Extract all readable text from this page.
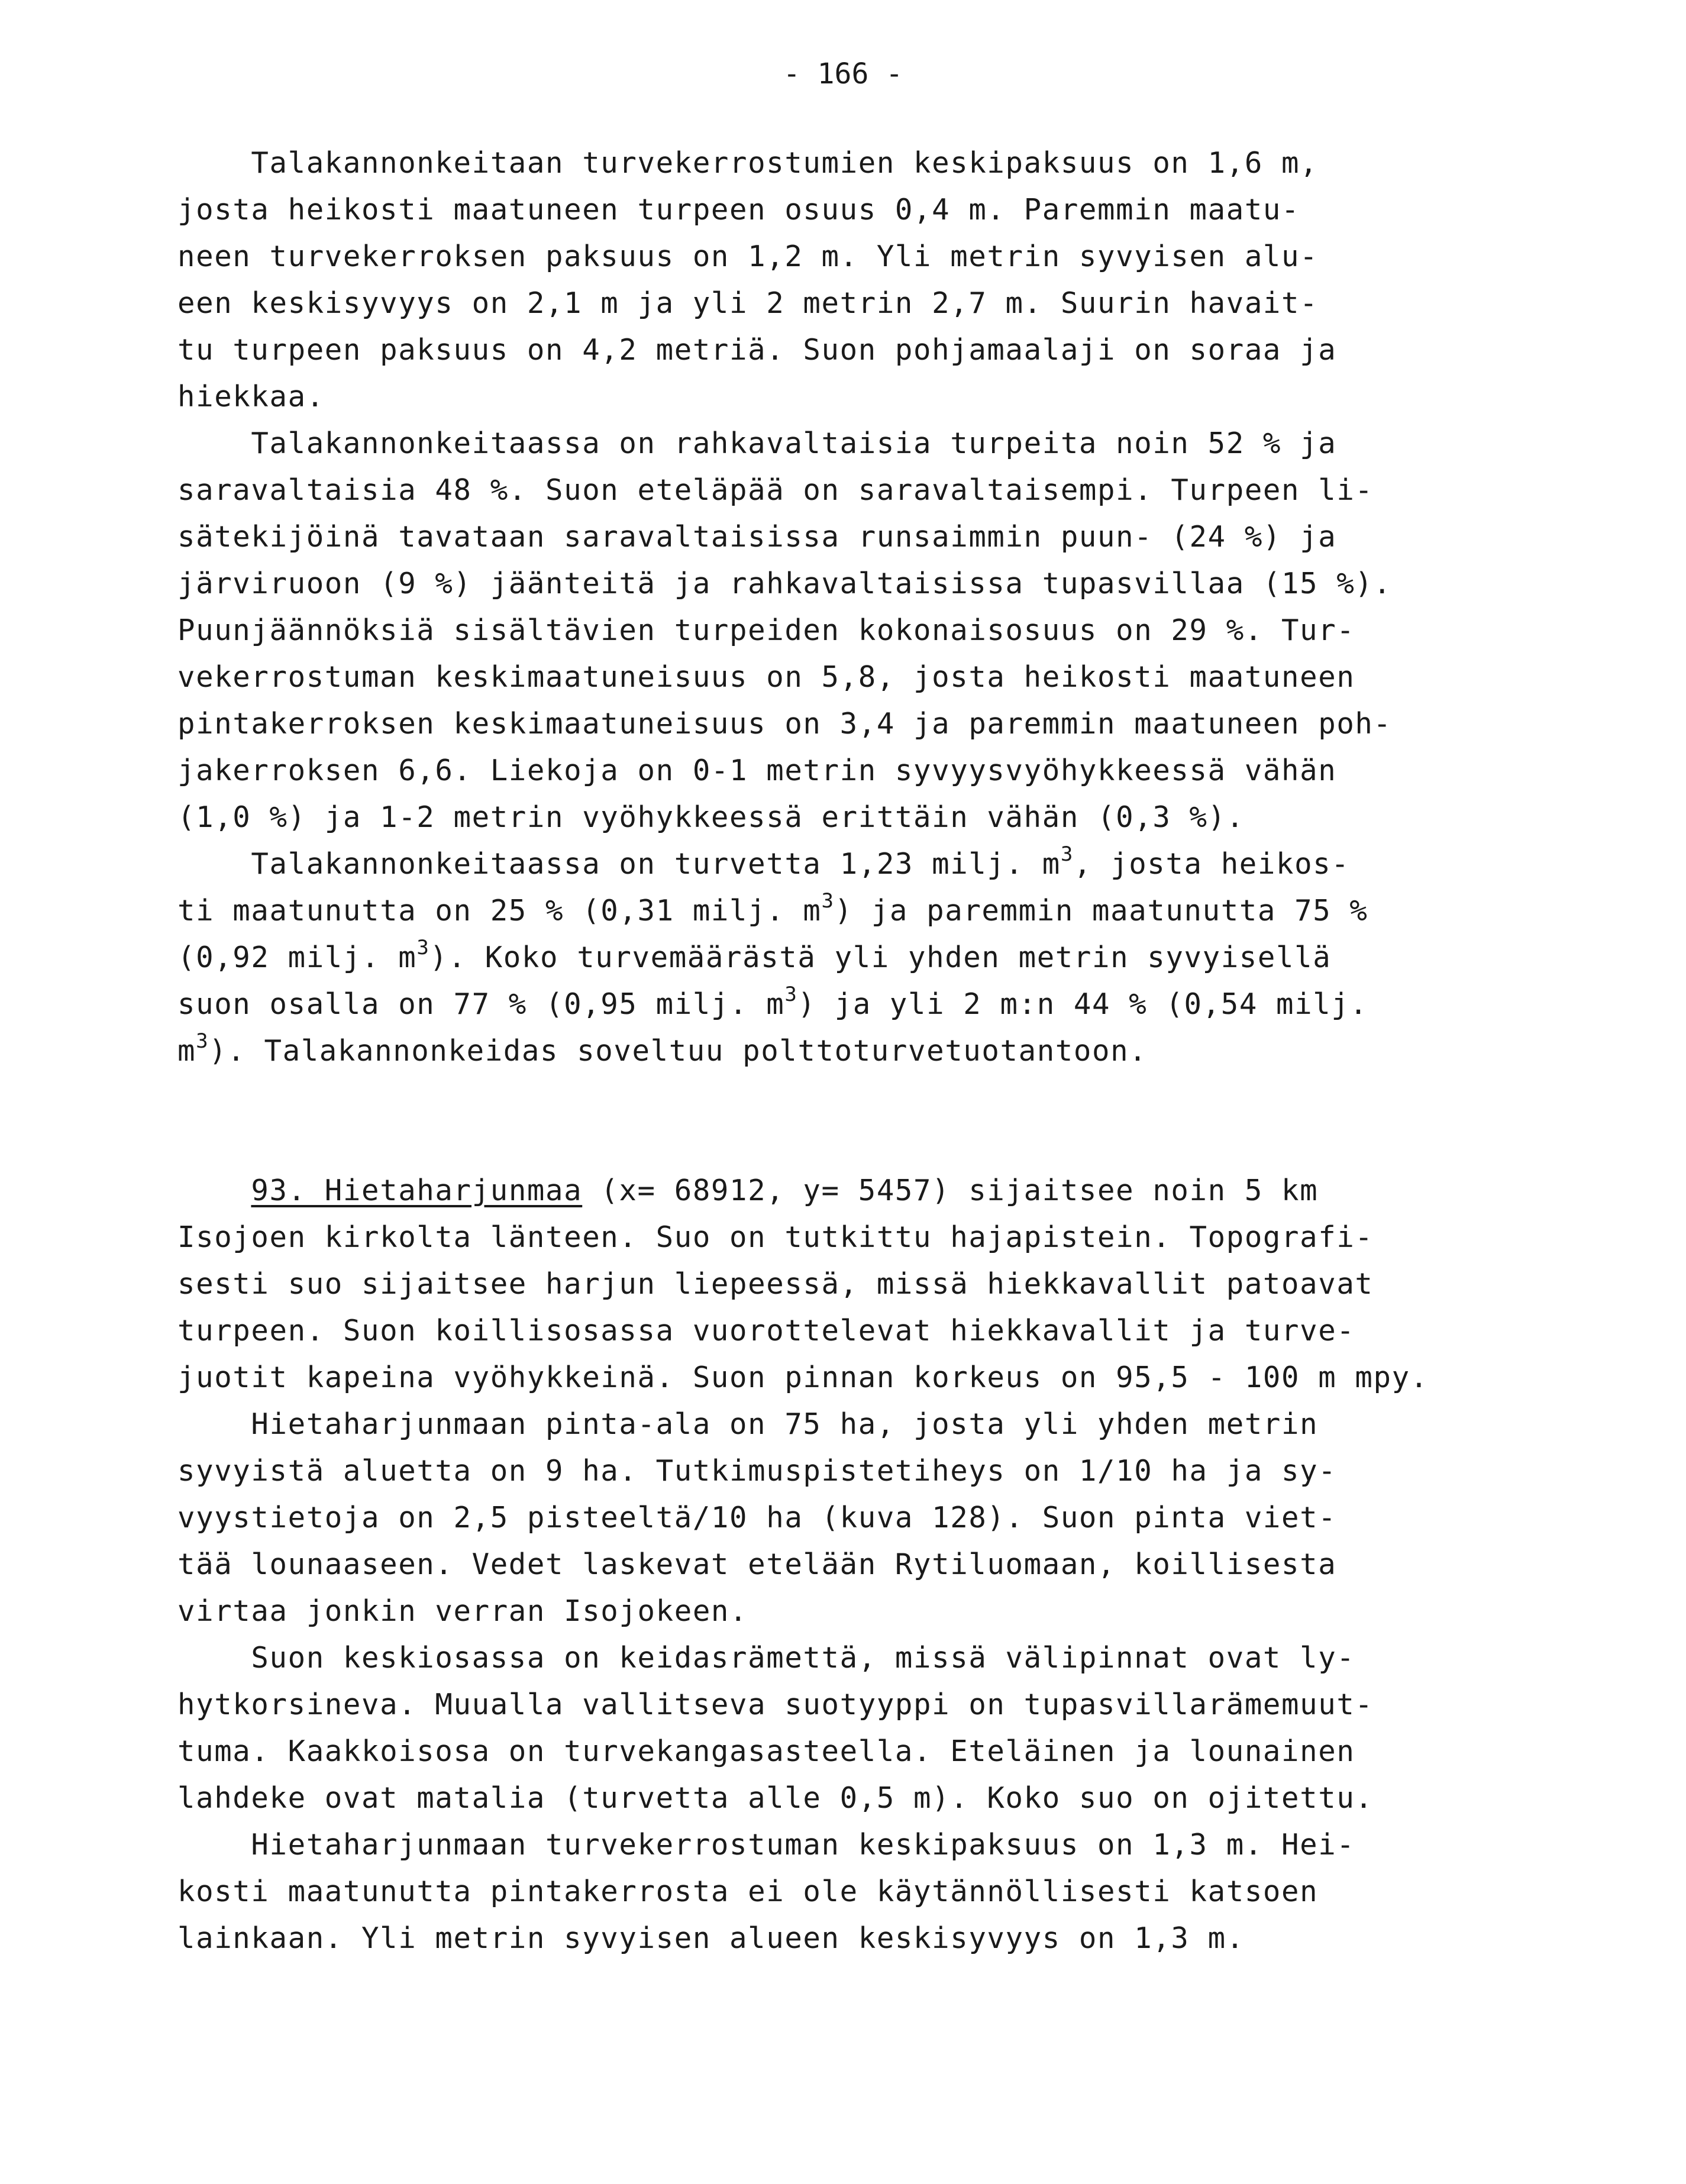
- 166 -
Talakannonkeitaan turvekerrostumien keskipaksuus on 1,6 m,
josta heikosti maatuneen turpeen osuus 0,4 m. Paremmin maatu-
neen turvekerroksen paksuus on 1,2 m. Yli metrin syvyisen alu-
een keskisyvyys on 2,1 m ja yli 2 metrin 2,7 m. Suurin havait-
tu turpeen paksuus on 4,2 metriä. Suon pohjamaalaji on soraa ja
hiekkaa.
Talakannonkeitaassa on rahkavaltaisia turpeita noin 52 % ja
saravaltaisia 48 %. Suon eteläpää on saravaltaisempi. Turpeen li-
sätekijöinä tavataan saravaltaisissa runsaimmin puun- (24 %) ja
järviruoon (9 %) jäänteitä ja rahkavaltaisissa tupasvillaa (15 %).
Puunjäännöksiä sisältävien turpeiden kokonaisosuus on 29 %. Tur-
vekerrostuman keskimaatuneisuus on 5,8, josta heikosti maatuneen
pintakerroksen keskimaatuneisuus on 3,4 ja paremmin maatuneen poh-
jakerroksen 6,6. Liekoja on 0-1 metrin syvyysvyöhykkeessä vähän
(1,0 %) ja 1-2 metrin vyöhykkeessä erittäin vähän (0,3 %).
Talakannonkeitaassa on turvetta 1,23 milj. $m^3$, josta heikos-
ti maatunutta on 25 % (0,31 milj. $m^3$) ja paremmin maatunutta 75 %
(0,92 milj. $m^3$). Koko turvemäärästä yli yhden metrin syvyisellä
suon osalla on 77 % (0,95 milj. $m^3$) ja yli 2 m:n 44 % (0,54 milj.
$m^3$). Talakannonkeidas soveltuu polttoturvetuotantoon.
93. Hietaharjunmaa (x= 68912, y= 5457) sijaitsee noin 5 km
Isojoen kirkolta länteen. Suo on tutkittu hajapistein. Topografi-
sesti suo sijaitsee harjun liepeessä, missä hiekkavallit patoavat
turpeen. Suon koillisosassa vuorottelevat hiekkavallit ja turve-
juotit kapeina vyöhykkeinä. Suon pinnan korkeus on 95,5 - 100 m mpy.
Hietaharjunmaan pinta-ala on 75 ha, josta yli yhden metrin
syvyistä aluetta on 9 ha. Tutkimuspistetiheys on 1/10 ha ja sy-
vyystietoja on 2,5 pisteeltä/10 ha (kuva 128). Suon pinta viet-
tää lounaaseen. Vedet laskevat etelään Rytiluomaan, koillisesta
virtaa jonkin verran Isojokeen.
Suon keskiosassa on keidasrämettä, missä välipinnat ovat ly-
hytkorsineva. Muualla vallitseva suotyyppi on tupasvillarämemuut-
tuma. Kaakkoisosa on turvekangasasteella. Eteläinen ja lounainen
lahdeke ovat matalia (turvetta alle 0,5 m). Koko suo on ojitettu.
Hietaharjunmaan turvekerrostuman keskipaksuus on 1,3 m. Hei-
kosti maatunutta pintakerrosta ei ole käytännöllisesti katsoen
lainkaan. Yli metrin syvyisen alueen keskisyvyys on 1,3 m.
